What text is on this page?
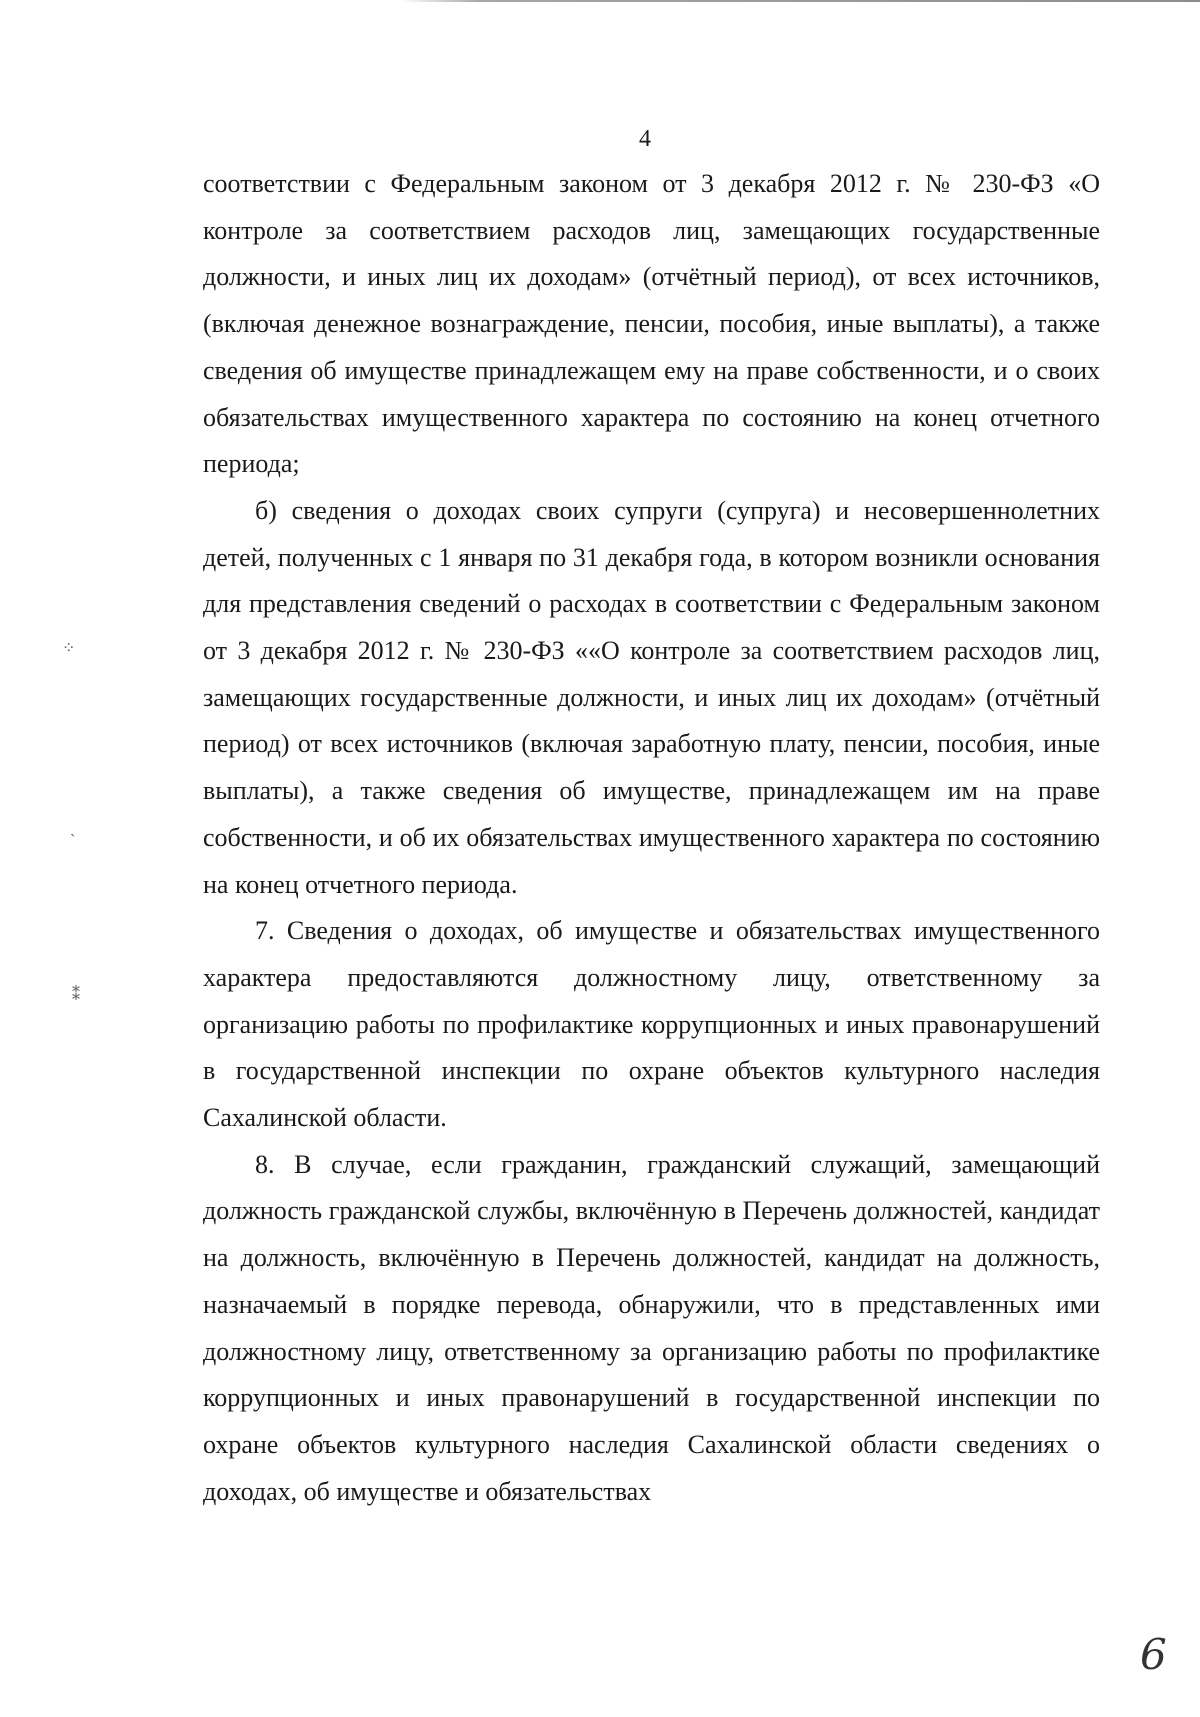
4

соответствии с Федеральным законом от 3 декабря 2012 г. № 230-ФЗ «О контроле за соответствием расходов лиц, замещающих государственные должности, и иных лиц их доходам» (отчётный период), от всех источников, (включая денежное вознаграждение, пенсии, пособия, иные выплаты), а также сведения об имуществе принадлежащем ему на праве собственности, и о своих обязательствах имущественного характера по состоянию на конец отчетного периода;

б) сведения о доходах своих супруги (супруга) и несовершеннолетних детей, полученных с 1 января по 31 декабря года, в котором возникли основания для представления сведений о расходах в соответствии с Федеральным законом от 3 декабря 2012 г. № 230-ФЗ ««О контроле за соответствием расходов лиц, замещающих государственные должности, и иных лиц их доходам» (отчётный период) от всех источников (включая заработную плату, пенсии, пособия, иные выплаты), а также сведения об имуществе, принадлежащем им на праве собственности, и об их обязательствах имущественного характера по состоянию на конец отчетного периода.

7. Сведения о доходах, об имуществе и обязательствах имущественного характера предоставляются должностному лицу, ответственному за организацию работы по профилактике коррупционных и иных правонарушений в государственной инспекции по охране объектов культурного наследия Сахалинской области.

8. В случае, если гражданин, гражданский служащий, замещающий должность гражданской службы, включённую в Перечень должностей, кандидат на должность, включённую в Перечень должностей, кандидат на должность, назначаемый в порядке перевода, обнаружили, что в представленных ими должностному лицу, ответственному за организацию работы по профилактике коррупционных и иных правонарушений в государственной инспекции по охране объектов культурного наследия Сахалинской области сведениях о доходах, об имуществе и обязательствах

6
⁘
ˎ
⁑
